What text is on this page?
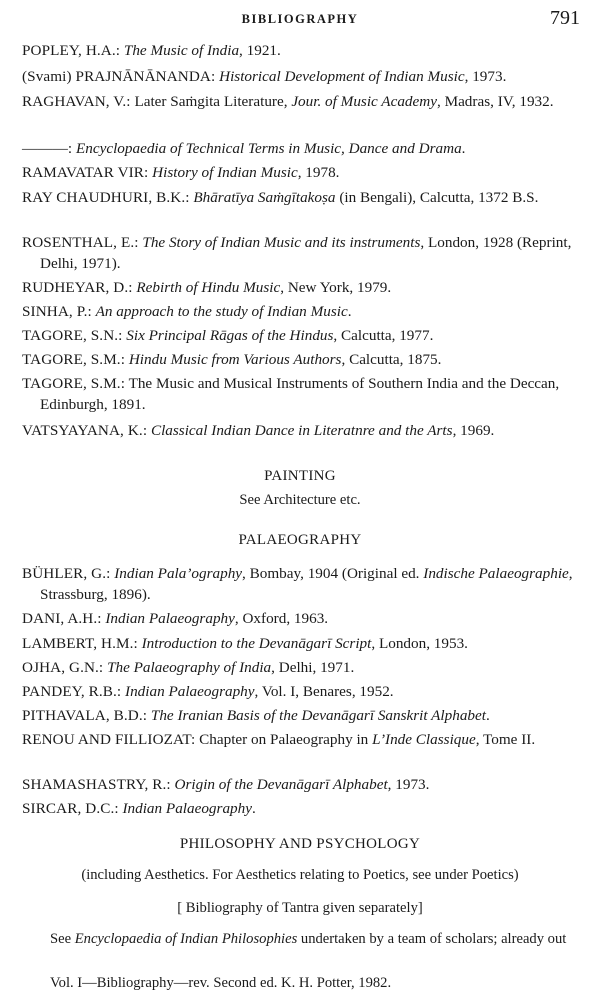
BIBLIOGRAPHY	791
POPLEY, H.A.: The Music of India, 1921.
(Svami) PRAJNĀNĀNANDA: Historical Development of Indian Music, 1973.
RAGHAVAN, V.: Later Saṁgita Literature, Jour. of Music Academy, Madras, IV, 1932.
———: Encyclopaedia of Technical Terms in Music, Dance and Drama.
RAMAVATAR VIR: History of Indian Music, 1978.
RAY CHAUDHURI, B.K.: Bhāratīya Saṁgītakoṣa (in Bengali), Calcutta, 1372 B.S.
ROSENTHAL, E.: The Story of Indian Music and its instruments, London, 1928 (Reprint, Delhi, 1971).
RUDHEYAR, D.: Rebirth of Hindu Music, New York, 1979.
SINHA, P.: An approach to the study of Indian Music.
TAGORE, S.N.: Six Principal Rāgas of the Hindus, Calcutta, 1977.
TAGORE, S.M.: Hindu Music from Various Authors, Calcutta, 1875.
TAGORE, S.M.: The Music and Musical Instruments of Southern India and the Deccan, Edinburgh, 1891.
VATSYAYANA, K.: Classical Indian Dance in Literatnre and the Arts, 1969.
PAINTING
See Architecture etc.
PALAEOGRAPHY
BÜHLER, G.: Indian Pala’ography, Bombay, 1904 (Original ed. Indische Palaeographie, Strassburg, 1896).
DANI, A.H.: Indian Palaeography, Oxford, 1963.
LAMBERT, H.M.: Introduction to the Devanāgarī Script, London, 1953.
OJHA, G.N.: The Palaeography of India, Delhi, 1971.
PANDEY, R.B.: Indian Palaeography, Vol. I, Benares, 1952.
PITHAVALA, B.D.: The Iranian Basis of the Devanāgarī Sanskrit Alphabet.
RENOU AND FILLIOZAT: Chapter on Palaeography in L’Inde Classique, Tome II.
SHAMASHASTRY, R.: Origin of the Devanāgarī Alphabet, 1973.
SIRCAR, D.C.: Indian Palaeography.
PHILOSOPHY AND PSYCHOLOGY
(including Aesthetics. For Aesthetics relating to Poetics, see under Poetics)
[ Bibliography of Tantra given separately]
See Encyclopaedia of Indian Philosophies undertaken by a team of scholars; already out
Vol. I—Bibliography—rev. Second ed. K. H. Potter, 1982.
